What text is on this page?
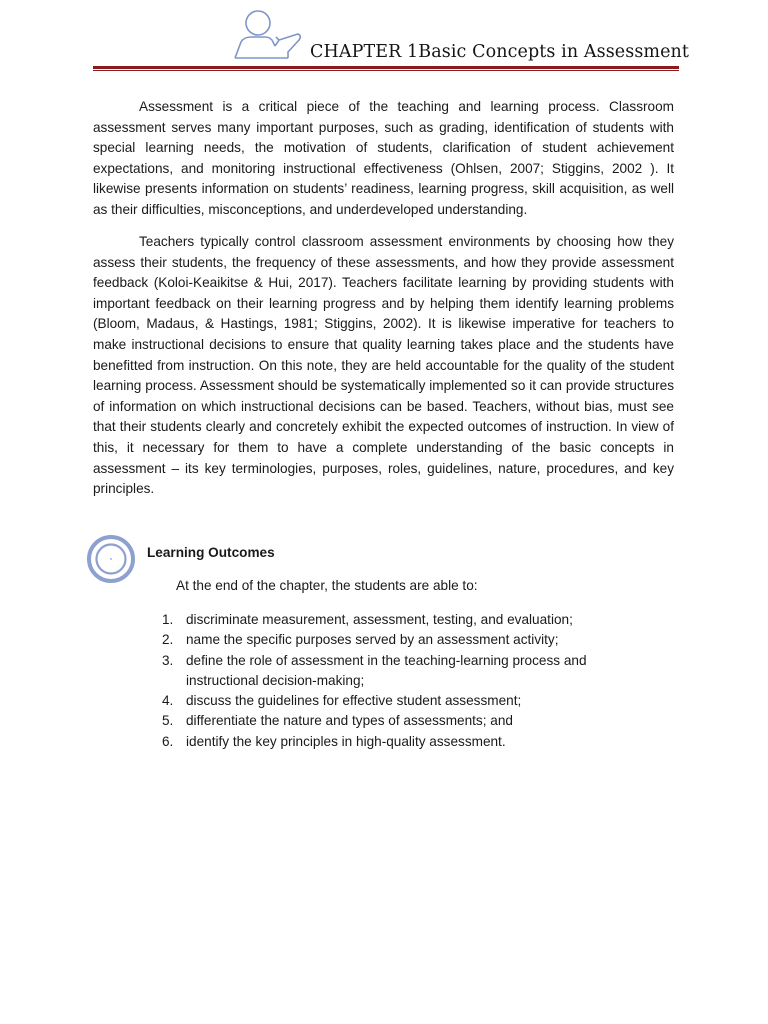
CHAPTER 1Basic Concepts in Assessment

Assessment is a critical piece of the teaching and learning process. Classroom assessment serves many important purposes, such as grading, identification of students with special learning needs, the motivation of students, clarification of student achievement expectations, and monitoring instructional effectiveness (Ohlsen, 2007; Stiggins, 2002 ). It likewise presents information on students’ readiness, learning progress, skill acquisition, as well as their difficulties, misconceptions, and underdeveloped understanding.

Teachers typically control classroom assessment environments by choosing how they assess their students, the frequency of these assessments, and how they provide assessment feedback (Koloi-Keaikitse & Hui, 2017). Teachers facilitate learning by providing students with important feedback on their learning progress and by helping them identify learning problems (Bloom, Madaus, & Hastings, 1981; Stiggins, 2002). It is likewise imperative for teachers to make instructional decisions to ensure that quality learning takes place and the students have benefitted from instruction. On this note, they are held accountable for the quality of the student learning process. Assessment should be systematically implemented so it can provide structures of information on which instructional decisions can be based. Teachers, without bias, must see that their students clearly and concretely exhibit the expected outcomes of instruction. In view of this, it necessary for them to have a complete understanding of the basic concepts in assessment – its key terminologies, purposes, roles, guidelines, nature, procedures, and key principles.

Learning Outcomes
At the end of the chapter, the students are able to:
1. discriminate measurement, assessment, testing, and evaluation;
2. name the specific purposes served by an assessment activity;
3. define the role of assessment in the teaching-learning process and instructional decision-making;
4. discuss the guidelines for effective student assessment;
5. differentiate the nature and types of assessments; and
6. identify the key principles in high-quality assessment.
